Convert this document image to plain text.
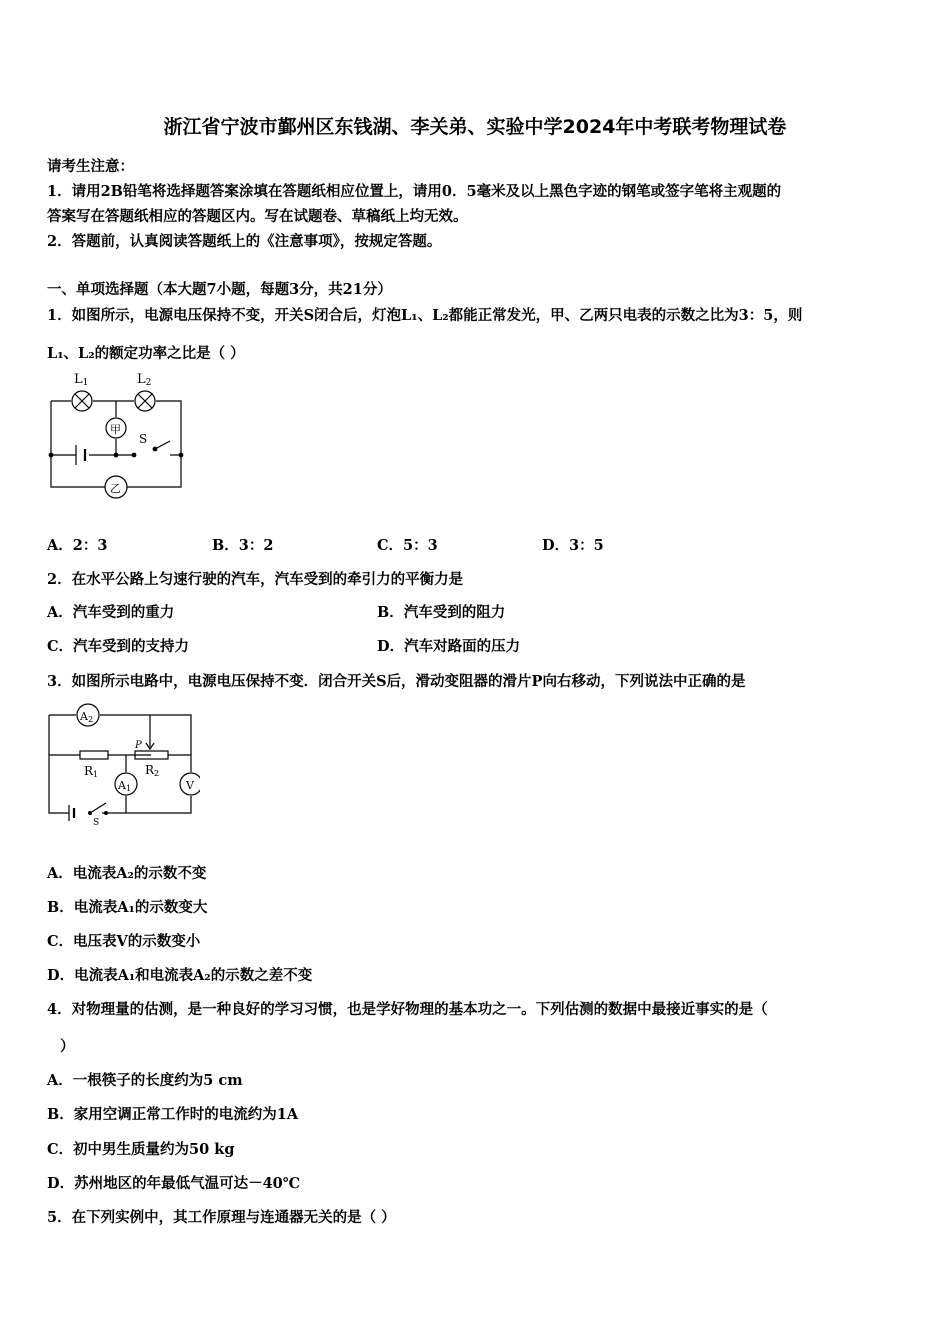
浙江省宁波市鄞州区东钱湖、李关弟、实验中学2024年中考联考物理试卷
请考生注意：
1．请用2B铅笔将选择题答案涂填在答题纸相应位置上，请用0．5毫米及以上黑色字迹的钢笔或签字笔将主观题的
答案写在答题纸相应的答题区内。写在试题卷、草稿纸上均无效。
2．答题前，认真阅读答题纸上的《注意事项》，按规定答题。
一、单项选择题（本大题7小题，每题3分，共21分）
1．如图所示，电源电压保持不变，开关S闭合后，灯泡L₁、L₂都能正常发光，甲、乙两只电表的示数之比为3：5，则
L₁、L₂的额定功率之比是（ ）
L1	L2
甲
乙
S
A．2：3	B．3：2	C．5：3	D．3：5
2．在水平公路上匀速行驶的汽车，汽车受到的牵引力的平衡力是
A．汽车受到的重力	B．汽车受到的阻力
C．汽车受到的支持力	D．汽车对路面的压力
3．如图所示电路中，电源电压保持不变．闭合开关S后，滑动变阻器的滑片P向右移动，下列说法中正确的是
A2
A1
R1	R2
P
V
S
A．电流表A₂的示数不变
B．电流表A₁的示数变大
C．电压表V的示数变小
D．电流表A₁和电流表A₂的示数之差不变
4．对物理量的估测，是一种良好的学习习惯，也是学好物理的基本功之一。下列估测的数据中最接近事实的是（
）
A．一根筷子的长度约为5 cm
B．家用空调正常工作时的电流约为1A
C．初中男生质量约为50 kg
D．苏州地区的年最低气温可达－40℃
5．在下列实例中，其工作原理与连通器无关的是（ ）
